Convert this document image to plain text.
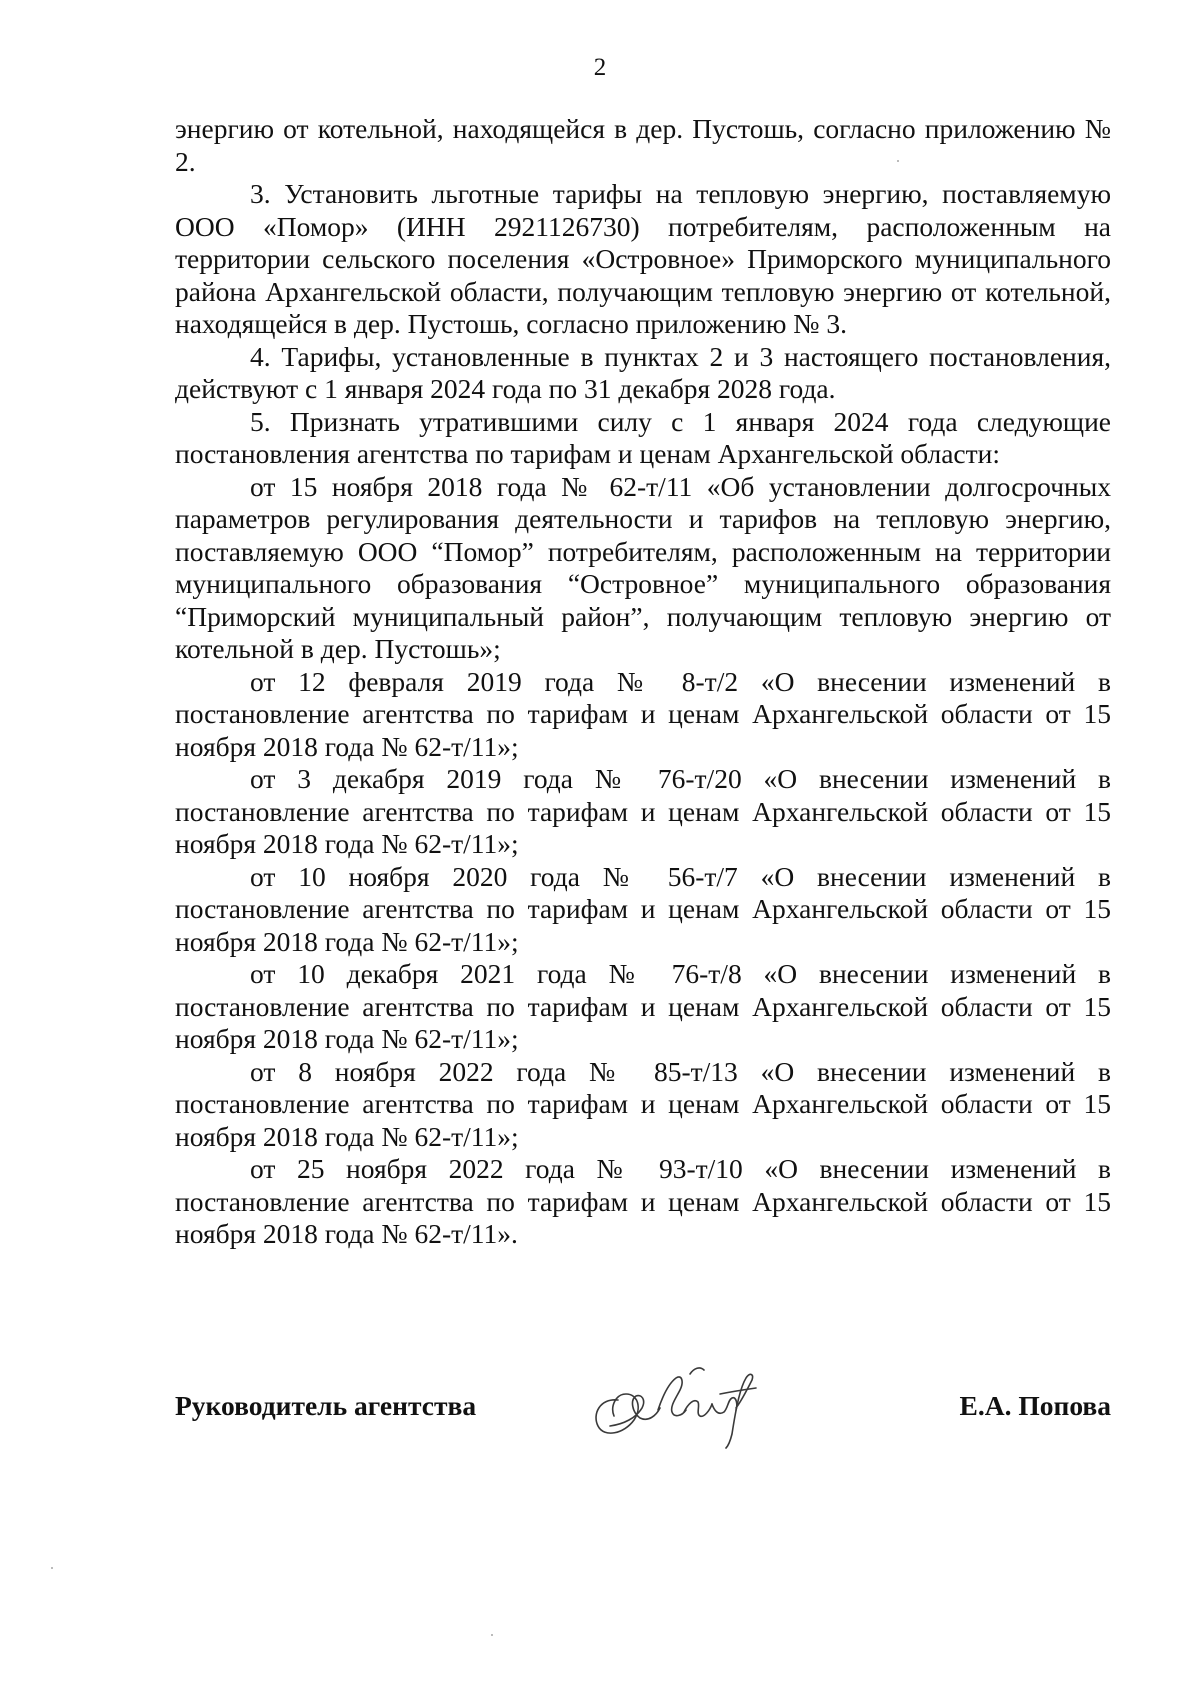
2

энергию от котельной, находящейся в дер. Пустошь, согласно приложению № 2.

3. Установить льготные тарифы на тепловую энергию, поставляемую ООО «Помор» (ИНН 2921126730) потребителям, расположенным на территории сельского поселения «Островное» Приморского муниципального района Архангельской области, получающим тепловую энергию от котельной, находящейся в дер. Пустошь, согласно приложению № 3.

4. Тарифы, установленные в пунктах 2 и 3 настоящего постановления, действуют с 1 января 2024 года по 31 декабря 2028 года.

5. Признать утратившими силу с 1 января 2024 года следующие постановления агентства по тарифам и ценам Архангельской области:

от 15 ноября 2018 года № 62-т/11 «Об установлении долгосрочных параметров регулирования деятельности и тарифов на тепловую энергию, поставляемую ООО “Помор” потребителям, расположенным на территории муниципального образования “Островное” муниципального образования “Приморский муниципальный район”, получающим тепловую энергию от котельной в дер. Пустошь»;

от 12 февраля 2019 года № 8-т/2 «О внесении изменений в постановление агентства по тарифам и ценам Архангельской области от 15 ноября 2018 года № 62-т/11»;

от 3 декабря 2019 года № 76-т/20 «О внесении изменений в постановление агентства по тарифам и ценам Архангельской области от 15 ноября 2018 года № 62-т/11»;

от 10 ноября 2020 года № 56-т/7 «О внесении изменений в постановление агентства по тарифам и ценам Архангельской области от 15 ноября 2018 года № 62-т/11»;

от 10 декабря 2021 года № 76-т/8 «О внесении изменений в постановление агентства по тарифам и ценам Архангельской области от 15 ноября 2018 года № 62-т/11»;

от 8 ноября 2022 года № 85-т/13 «О внесении изменений в постановление агентства по тарифам и ценам Архангельской области от 15 ноября 2018 года № 62-т/11»;

от 25 ноября 2022 года № 93-т/10 «О внесении изменений в постановление агентства по тарифам и ценам Архангельской области от 15 ноября 2018 года № 62-т/11».

Руководитель агентства	Е.А. Попова
